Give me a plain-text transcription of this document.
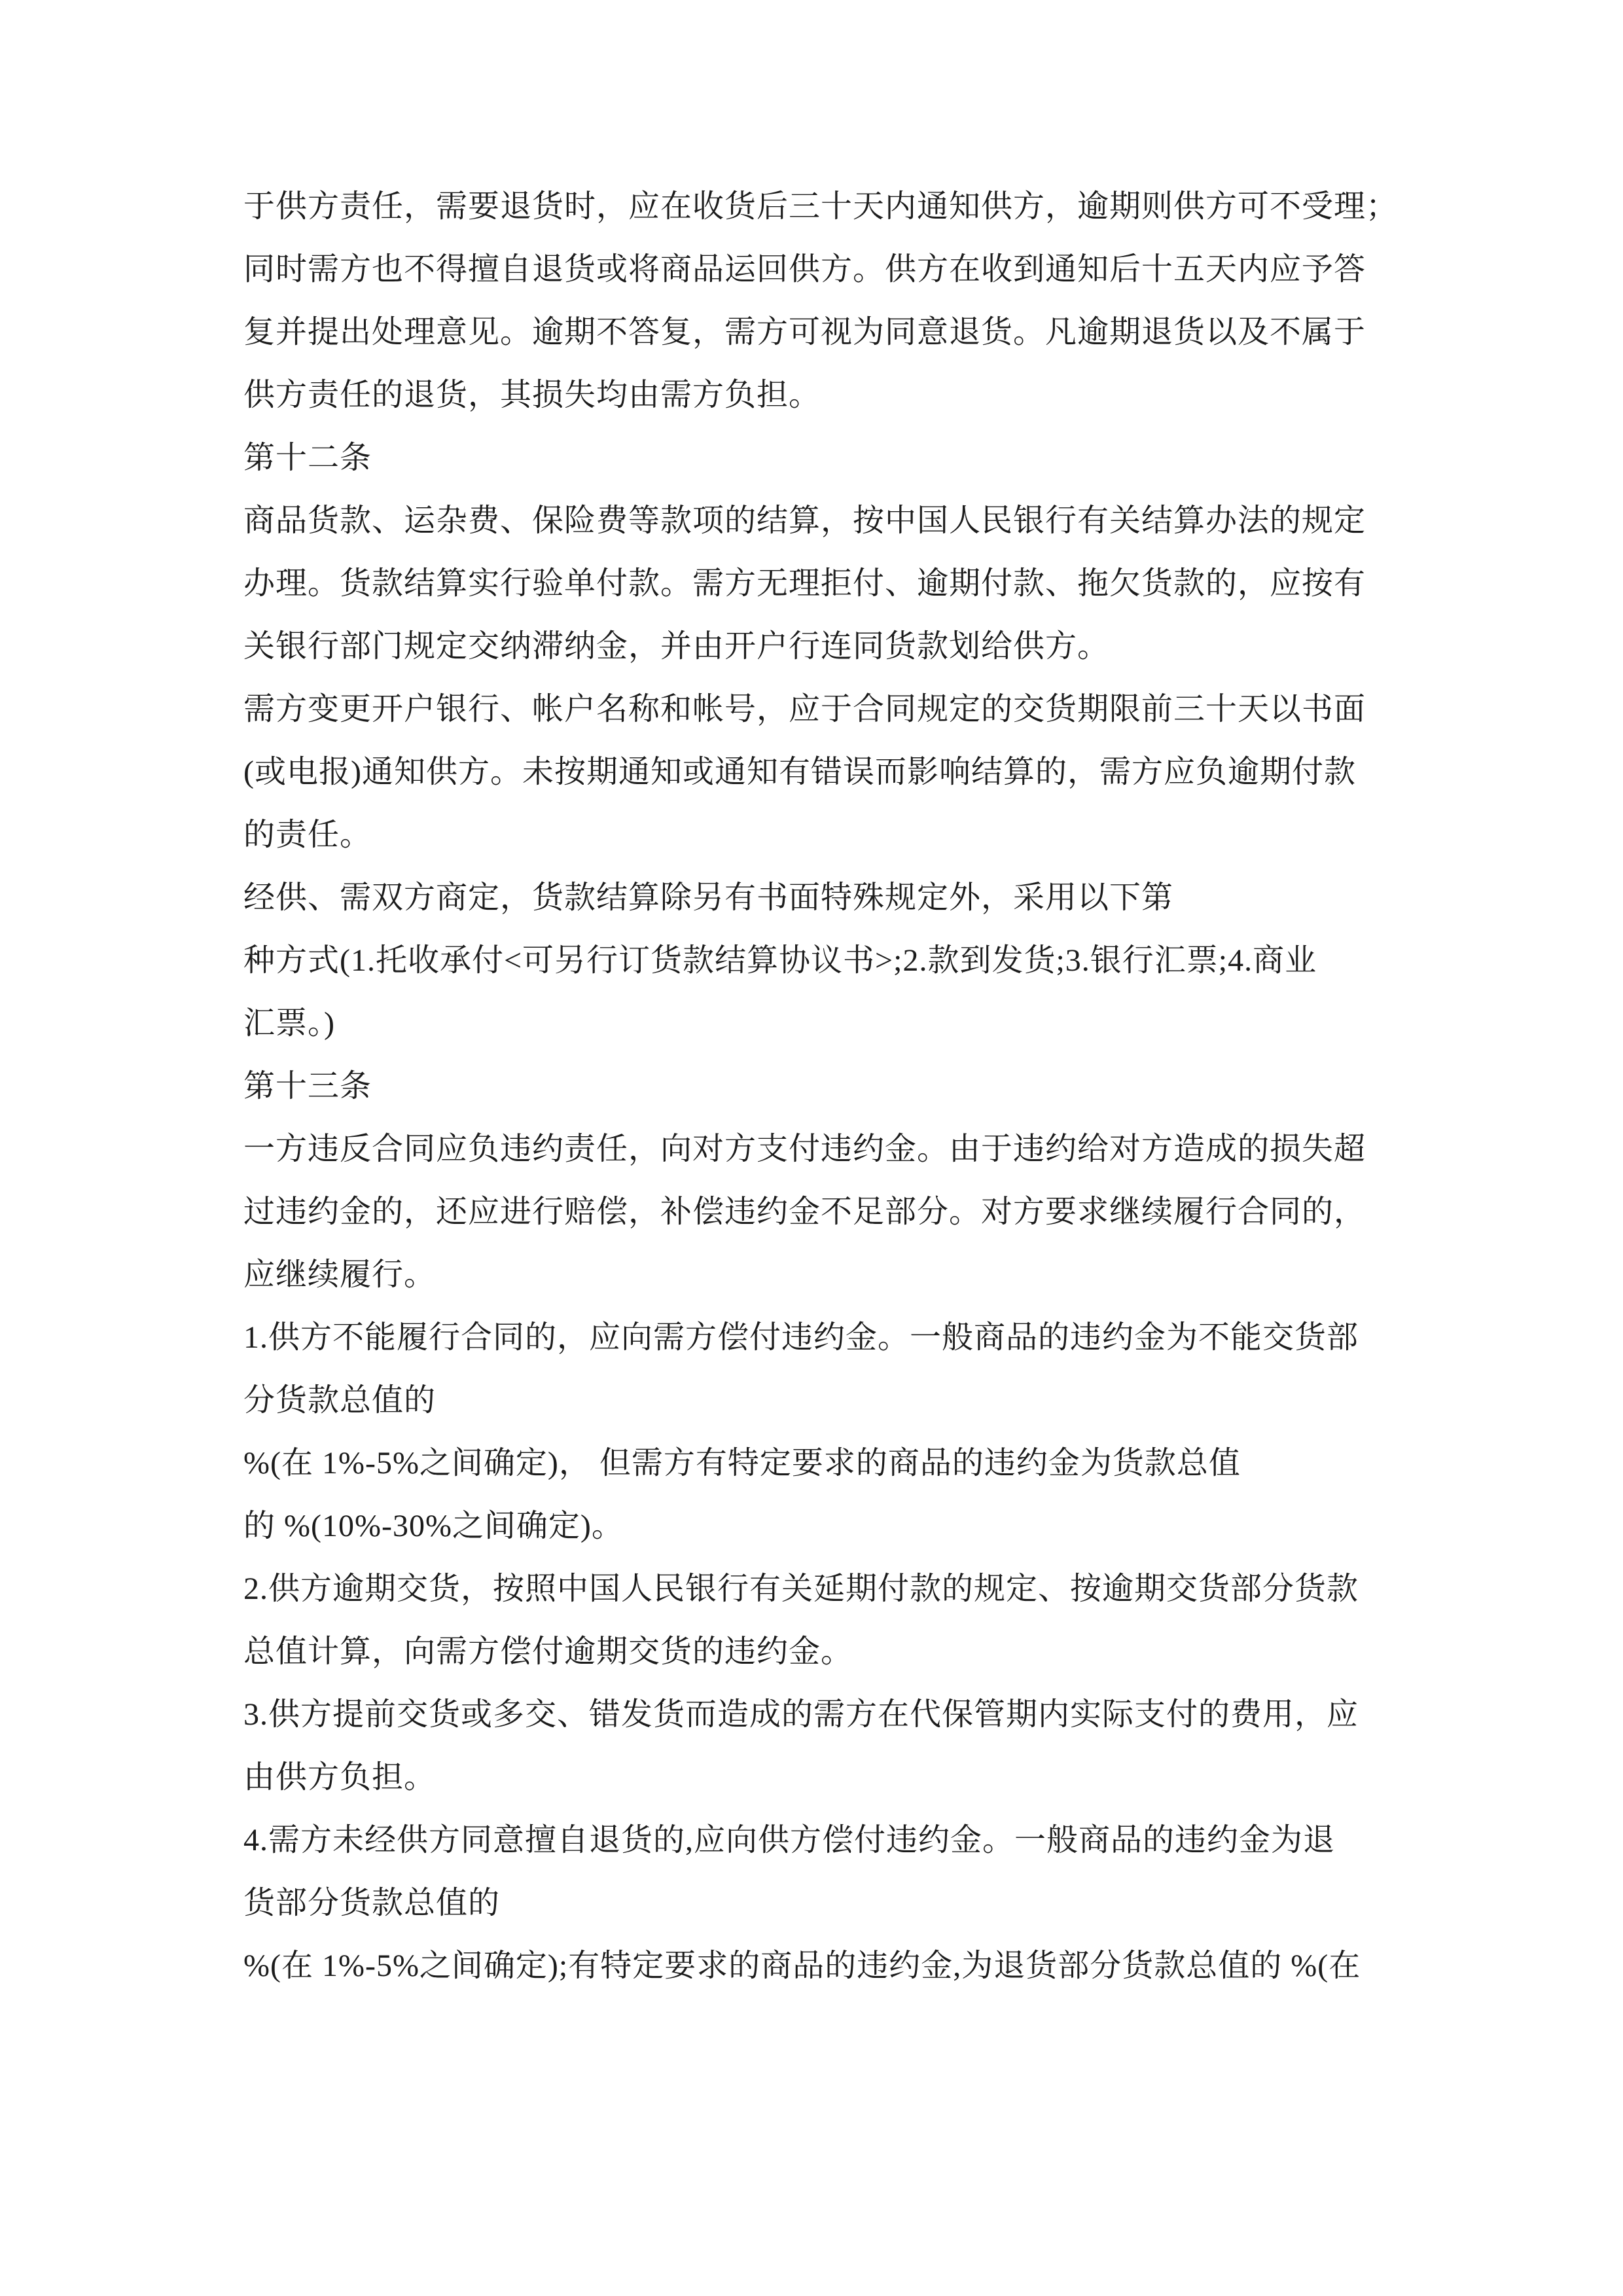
于供方责任，需要退货时，应在收货后三十天内通知供方，逾期则供方可不受理；
同时需方也不得擅自退货或将商品运回供方。供方在收到通知后十五天内应予答
复并提出处理意见。逾期不答复，需方可视为同意退货。凡逾期退货以及不属于
供方责任的退货，其损失均由需方负担。
第十二条
商品货款、运杂费、保险费等款项的结算，按中国人民银行有关结算办法的规定
办理。货款结算实行验单付款。需方无理拒付、逾期付款、拖欠货款的，应按有
关银行部门规定交纳滞纳金，并由开户行连同货款划给供方。
需方变更开户银行、帐户名称和帐号，应于合同规定的交货期限前三十天以书面
(或电报)通知供方。未按期通知或通知有错误而影响结算的，需方应负逾期付款
的责任。
经供、需双方商定，货款结算除另有书面特殊规定外，采用以下第
种方式(1.托收承付<可另行订货款结算协议书>;2.款到发货;3.银行汇票;4.商业
汇票。)
第十三条
一方违反合同应负违约责任，向对方支付违约金。由于违约给对方造成的损失超
过违约金的，还应进行赔偿，补偿违约金不足部分。对方要求继续履行合同的，
应继续履行。
1.供方不能履行合同的，应向需方偿付违约金。一般商品的违约金为不能交货部
分货款总值的
%(在 1%-5%之间确定)， 但需方有特定要求的商品的违约金为货款总值
的 %(10%-30%之间确定)。
2.供方逾期交货，按照中国人民银行有关延期付款的规定、按逾期交货部分货款
总值计算，向需方偿付逾期交货的违约金。
3.供方提前交货或多交、错发货而造成的需方在代保管期内实际支付的费用，应
由供方负担。
4.需方未经供方同意擅自退货的,应向供方偿付违约金。一般商品的违约金为退
货部分货款总值的
%(在 1%-5%之间确定);有特定要求的商品的违约金,为退货部分货款总值的 %(在
